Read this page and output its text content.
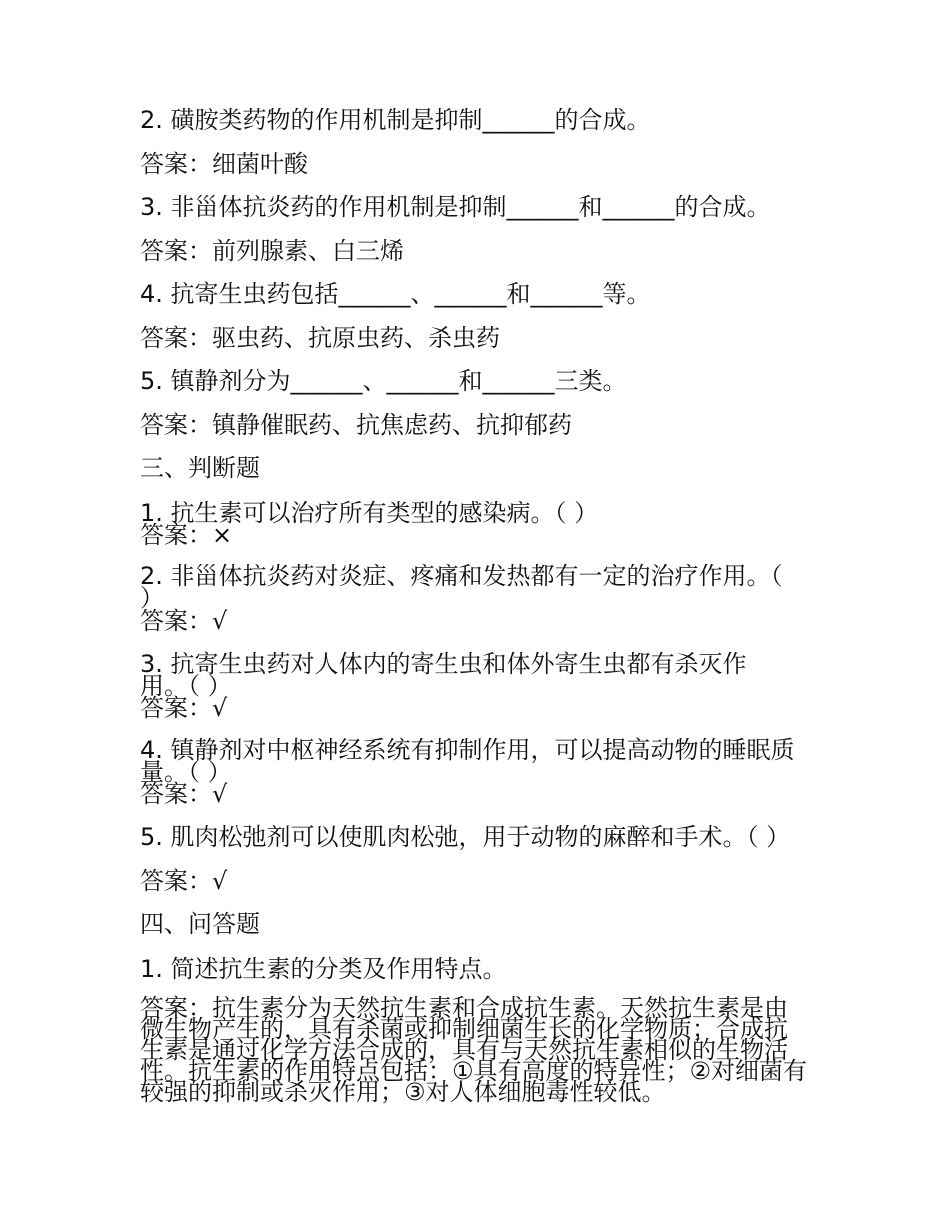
2. 磺胺类药物的作用机制是抑制______的合成。
答案：细菌叶酸
3. 非甾体抗炎药的作用机制是抑制______和______的合成。
答案：前列腺素、白三烯
4. 抗寄生虫药包括______、______和______等。
答案：驱虫药、抗原虫药、杀虫药
5. 镇静剂分为______、______和______三类。
答案：镇静催眠药、抗焦虑药、抗抑郁药
三、判断题
1. 抗生素可以治疗所有类型的感染病。（ ）
答案：×
2. 非甾体抗炎药对炎症、疼痛和发热都有一定的治疗作用。（ ）
答案：√
3. 抗寄生虫药对人体内的寄生虫和体外寄生虫都有杀灭作用。（ ）
答案：√
4. 镇静剂对中枢神经系统有抑制作用，可以提高动物的睡眠质量。（ ）
答案：√
5. 肌肉松弛剂可以使肌肉松弛，用于动物的麻醉和手术。（ ）
答案：√
四、问答题
1. 简述抗生素的分类及作用特点。
答案：抗生素分为天然抗生素和合成抗生素。天然抗生素是由微生物产生的，具有杀菌或抑制细菌生长的化学物质；合成抗生素是通过化学方法合成的，具有与天然抗生素相似的生物活性。抗生素的作用特点包括：①具有高度的特异性；②对细菌有较强的抑制或杀灭作用；③对人体细胞毒性较低。
